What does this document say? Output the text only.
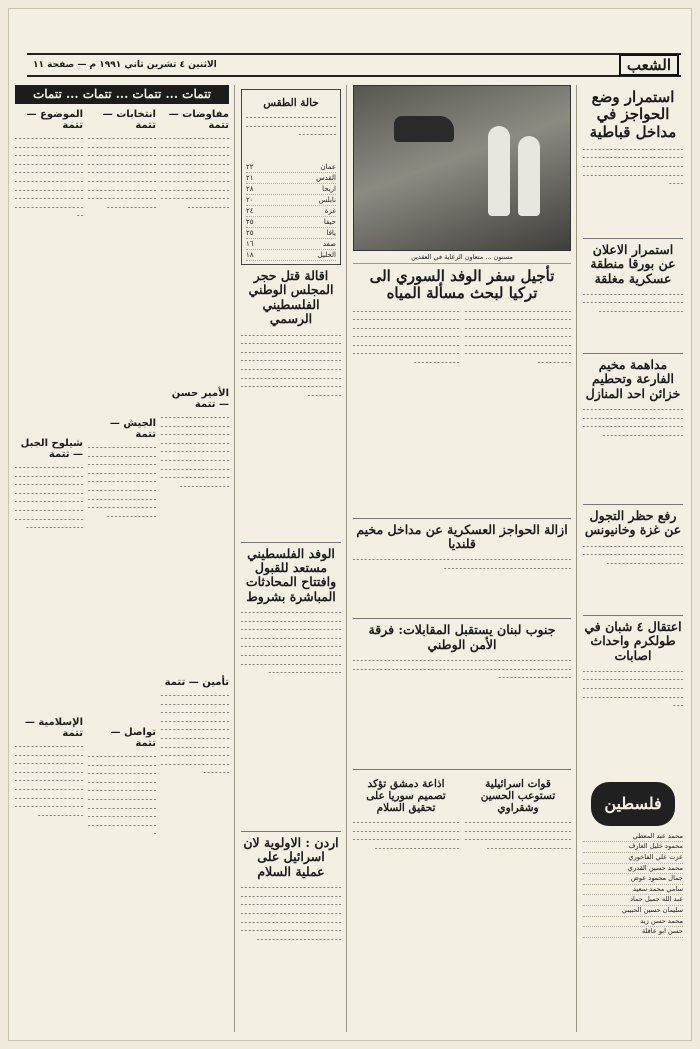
الشعب
الاثنين ٤ تشرين ثاني ١٩٩١ م — صفحة ١١
استمرار وضع الحواجز في مداخل قباطية
ـ ـ ـ ـ ـ ـ ـ ـ ـ ـ ـ ـ ـ ـ ـ ـ ـ ـ ـ ـ ـ ـ ـ ـ ـ ـ ـ ـ ـ ـ ـ ـ ـ ـ ـ ـ ـ ـ ـ ـ ـ ـ ـ ـ ـ ـ ـ ـ ـ ـ ـ ـ ـ ـ ـ ـ ـ ـ ـ ـ ـ ـ ـ ـ ـ ـ ـ ـ ـ ـ ـ ـ ـ ـ ـ ـ ـ ـ ـ ـ ـ ـ ـ ـ ـ ـ ـ ـ ـ ـ ـ ـ ـ ـ ـ ـ ـ ـ ـ ـ ـ ـ ـ ـ ـ ـ ـ ـ
استمرار الاعلان عن بورقا منطقة عسكرية مغلقة
ـ ـ ـ ـ ـ ـ ـ ـ ـ ـ ـ ـ ـ ـ ـ ـ ـ ـ ـ ـ ـ ـ ـ ـ ـ ـ ـ ـ ـ ـ ـ ـ ـ ـ ـ ـ ـ ـ ـ ـ ـ ـ ـ ـ ـ ـ ـ ـ ـ ـ ـ ـ ـ ـ ـ ـ ـ ـ ـ ـ ـ ـ ـ ـ ـ ـ ـ ـ ـ ـ ـ ـ ـ ـ
مداهمة مخيم الفارعة وتحطيم خزائن احد المنازل
ـ ـ ـ ـ ـ ـ ـ ـ ـ ـ ـ ـ ـ ـ ـ ـ ـ ـ ـ ـ ـ ـ ـ ـ ـ ـ ـ ـ ـ ـ ـ ـ ـ ـ ـ ـ ـ ـ ـ ـ ـ ـ ـ ـ ـ ـ ـ ـ ـ ـ ـ ـ ـ ـ ـ ـ ـ ـ ـ ـ ـ ـ ـ ـ ـ ـ ـ ـ ـ ـ ـ ـ ـ ـ ـ ـ ـ ـ ـ ـ ـ ـ ـ ـ ـ ـ ـ ـ ـ ـ ـ ـ ـ ـ ـ ـ ـ ـ ـ
رفع حظر التجول عن غزة وخانيونس
ـ ـ ـ ـ ـ ـ ـ ـ ـ ـ ـ ـ ـ ـ ـ ـ ـ ـ ـ ـ ـ ـ ـ ـ ـ ـ ـ ـ ـ ـ ـ ـ ـ ـ ـ ـ ـ ـ ـ ـ ـ ـ ـ ـ ـ ـ ـ ـ ـ ـ ـ ـ ـ ـ ـ ـ ـ ـ ـ ـ ـ ـ ـ ـ ـ ـ ـ ـ ـ ـ ـ ـ
اعتقال ٤ شبان في طولكرم واحداث اصابات
ـ ـ ـ ـ ـ ـ ـ ـ ـ ـ ـ ـ ـ ـ ـ ـ ـ ـ ـ ـ ـ ـ ـ ـ ـ ـ ـ ـ ـ ـ ـ ـ ـ ـ ـ ـ ـ ـ ـ ـ ـ ـ ـ ـ ـ ـ ـ ـ ـ ـ ـ ـ ـ ـ ـ ـ ـ ـ ـ ـ ـ ـ ـ ـ ـ ـ ـ ـ ـ ـ ـ ـ ـ ـ ـ ـ ـ ـ ـ ـ ـ ـ ـ ـ ـ ـ ـ ـ ـ ـ ـ ـ ـ ـ ـ ـ ـ ـ ـ ـ ـ ـ ـ ـ ـ ـ ـ
فلسطين
محمد عبد المعطي
محمود خليل العارف
عزت علي الفاخوري
محمد حسين القدري
جمال محمود عوض
سامي محمد سعيد
عبد الله جميل حماد
سليمان حسين الحبيبي
محمد حسن زيد
حسن ابو عاقلة
مسنون ... متعاون الرعاية في العقدين
تأجيل سفر الوفد السوري الى تركيا لبحث مسألة المياه
ـ ـ ـ ـ ـ ـ ـ ـ ـ ـ ـ ـ ـ ـ ـ ـ ـ ـ ـ ـ ـ ـ ـ ـ ـ ـ ـ ـ ـ ـ ـ ـ ـ ـ ـ ـ ـ ـ ـ ـ ـ ـ ـ ـ ـ ـ ـ ـ ـ ـ ـ ـ ـ ـ ـ ـ ـ ـ ـ ـ ـ ـ ـ ـ ـ ـ ـ ـ ـ ـ ـ ـ ـ ـ ـ ـ ـ ـ ـ ـ ـ ـ ـ ـ ـ ـ ـ ـ ـ ـ ـ ـ ـ ـ ـ ـ ـ ـ ـ ـ ـ ـ ـ ـ ـ ـ ـ ـ ـ ـ ـ ـ ـ ـ ـ ـ ـ ـ ـ ـ ـ ـ ـ ـ ـ ـ ـ ـ ـ ـ ـ ـ ـ ـ ـ ـ ـ ـ ـ ـ ـ ـ ـ ـ ـ ـ ـ ـ ـ ـ ـ ـ ـ ـ ـ ـ ـ ـ ـ ـ ـ ـ ـ ـ ـ ـ ـ ـ ـ ـ ـ
ـ ـ ـ ـ ـ ـ ـ ـ ـ ـ ـ ـ ـ ـ ـ ـ ـ ـ ـ ـ ـ ـ ـ ـ ـ ـ ـ ـ ـ ـ ـ ـ ـ ـ ـ ـ ـ ـ ـ ـ ـ ـ ـ ـ ـ ـ ـ ـ ـ ـ ـ ـ ـ ـ ـ ـ ـ ـ ـ ـ ـ ـ ـ ـ ـ ـ ـ ـ ـ ـ ـ ـ ـ ـ ـ ـ ـ ـ ـ ـ ـ ـ ـ ـ ـ ـ ـ ـ ـ ـ ـ ـ ـ ـ ـ ـ ـ ـ ـ ـ ـ ـ ـ ـ ـ ـ ـ ـ ـ ـ ـ ـ ـ ـ ـ ـ ـ ـ ـ ـ ـ ـ ـ ـ ـ ـ ـ ـ ـ ـ ـ ـ ـ ـ ـ ـ ـ ـ ـ ـ ـ ـ ـ ـ ـ ـ ـ ـ ـ ـ ـ ـ ـ ـ ـ ـ ـ ـ ـ ـ ـ ـ ـ ـ ـ ـ ـ ـ ـ ـ ـ ـ ـ ـ
ازالة الحواجز العسكرية عن مداخل مخيم قلنديا
ـ ـ ـ ـ ـ ـ ـ ـ ـ ـ ـ ـ ـ ـ ـ ـ ـ ـ ـ ـ ـ ـ ـ ـ ـ ـ ـ ـ ـ ـ ـ ـ ـ ـ ـ ـ ـ ـ ـ ـ ـ ـ ـ ـ ـ ـ ـ ـ ـ ـ ـ ـ ـ ـ ـ ـ ـ ـ ـ ـ ـ ـ ـ ـ ـ ـ ـ ـ ـ ـ ـ ـ ـ ـ ـ ـ ـ ـ ـ ـ ـ ـ ـ ـ ـ ـ ـ ـ ـ
جنوب لبنان يستقبل المقابلات: فرقة الأمن الوطني
ـ ـ ـ ـ ـ ـ ـ ـ ـ ـ ـ ـ ـ ـ ـ ـ ـ ـ ـ ـ ـ ـ ـ ـ ـ ـ ـ ـ ـ ـ ـ ـ ـ ـ ـ ـ ـ ـ ـ ـ ـ ـ ـ ـ ـ ـ ـ ـ ـ ـ ـ ـ ـ ـ ـ ـ ـ ـ ـ ـ ـ ـ ـ ـ ـ ـ ـ ـ ـ ـ ـ ـ ـ ـ ـ ـ ـ ـ ـ ـ ـ ـ ـ ـ ـ ـ ـ ـ ـ ـ ـ ـ ـ ـ ـ ـ ـ ـ ـ ـ ـ ـ ـ ـ ـ ـ ـ ـ ـ ـ ـ ـ ـ ـ ـ ـ ـ ـ ـ ـ ـ ـ ـ ـ ـ ـ ـ ـ ـ ـ ـ
قوات اسرائيلية تستوعب الحسين وشقراوي
ـ ـ ـ ـ ـ ـ ـ ـ ـ ـ ـ ـ ـ ـ ـ ـ ـ ـ ـ ـ ـ ـ ـ ـ ـ ـ ـ ـ ـ ـ ـ ـ ـ ـ ـ ـ ـ ـ ـ ـ ـ ـ ـ ـ ـ ـ ـ ـ ـ ـ ـ ـ ـ ـ ـ ـ ـ ـ ـ ـ ـ ـ ـ ـ ـ ـ ـ ـ ـ ـ ـ ـ ـ ـ ـ ـ ـ ـ ـ ـ ـ ـ ـ ـ ـ ـ ـ ـ ـ ـ ـ ـ ـ ـ ـ ـ ـ ـ ـ ـ ـ ـ ـ
اذاعة دمشق تؤكد تصميم سوريا على تحقيق السلام
ـ ـ ـ ـ ـ ـ ـ ـ ـ ـ ـ ـ ـ ـ ـ ـ ـ ـ ـ ـ ـ ـ ـ ـ ـ ـ ـ ـ ـ ـ ـ ـ ـ ـ ـ ـ ـ ـ ـ ـ ـ ـ ـ ـ ـ ـ ـ ـ ـ ـ ـ ـ ـ ـ ـ ـ ـ ـ ـ ـ ـ ـ ـ ـ ـ ـ ـ ـ ـ ـ ـ ـ ـ ـ ـ ـ ـ ـ ـ ـ ـ ـ ـ ـ ـ ـ ـ ـ ـ ـ ـ ـ ـ ـ ـ ـ ـ ـ ـ ـ ـ ـ ـ
حالة الطقس
ـ ـ ـ ـ ـ ـ ـ ـ ـ ـ ـ ـ ـ ـ ـ ـ ـ ـ ـ ـ ـ ـ ـ ـ ـ ـ ـ ـ ـ ـ ـ ـ ـ ـ ـ ـ ـ ـ ـ ـ ـ ـ ـ ـ ـ ـ ـ ـ ـ ـ ـ ـ ـ ـ ـ ـ
عمان
٢٢
القدس
٢١
اريحا
٢٨
نابلس
٢٠
غزة
٢٤
حيفا
٢٥
يافا
٢٥
صفد
١٦
الخليل
١٨
اقالة قتل حجر المجلس الوطني الفلسطيني الرسمي
ـ ـ ـ ـ ـ ـ ـ ـ ـ ـ ـ ـ ـ ـ ـ ـ ـ ـ ـ ـ ـ ـ ـ ـ ـ ـ ـ ـ ـ ـ ـ ـ ـ ـ ـ ـ ـ ـ ـ ـ ـ ـ ـ ـ ـ ـ ـ ـ ـ ـ ـ ـ ـ ـ ـ ـ ـ ـ ـ ـ ـ ـ ـ ـ ـ ـ ـ ـ ـ ـ ـ ـ ـ ـ ـ ـ ـ ـ ـ ـ ـ ـ ـ ـ ـ ـ ـ ـ ـ ـ ـ ـ ـ ـ ـ ـ ـ ـ ـ ـ ـ ـ ـ ـ ـ ـ ـ ـ ـ ـ ـ ـ ـ ـ ـ ـ ـ ـ ـ ـ ـ ـ ـ ـ ـ ـ ـ ـ ـ ـ ـ ـ ـ ـ ـ ـ ـ ـ ـ ـ ـ ـ ـ ـ ـ ـ ـ ـ ـ ـ ـ ـ ـ ـ ـ ـ ـ ـ ـ ـ ـ ـ ـ ـ ـ ـ ـ ـ ـ ـ ـ ـ ـ ـ ـ ـ ـ ـ ـ ـ ـ ـ ـ ـ ـ ـ ـ ـ ـ ـ ـ
الوفد الفلسطيني مستعد للقبول وافتتاح المحادثات المباشرة بشروط
ـ ـ ـ ـ ـ ـ ـ ـ ـ ـ ـ ـ ـ ـ ـ ـ ـ ـ ـ ـ ـ ـ ـ ـ ـ ـ ـ ـ ـ ـ ـ ـ ـ ـ ـ ـ ـ ـ ـ ـ ـ ـ ـ ـ ـ ـ ـ ـ ـ ـ ـ ـ ـ ـ ـ ـ ـ ـ ـ ـ ـ ـ ـ ـ ـ ـ ـ ـ ـ ـ ـ ـ ـ ـ ـ ـ ـ ـ ـ ـ ـ ـ ـ ـ ـ ـ ـ ـ ـ ـ ـ ـ ـ ـ ـ ـ ـ ـ ـ ـ ـ ـ ـ ـ ـ ـ ـ ـ ـ ـ ـ ـ ـ ـ ـ ـ ـ ـ ـ ـ ـ ـ ـ ـ ـ ـ ـ ـ ـ ـ ـ ـ ـ ـ ـ ـ ـ ـ ـ ـ ـ ـ ـ ـ ـ ـ ـ ـ ـ ـ ـ ـ ـ ـ ـ ـ ـ ـ ـ ـ ـ ـ ـ ـ ـ ـ ـ ـ ـ ـ ـ ـ ـ ـ ـ ـ ـ ـ ـ ـ ـ ـ ـ ـ ـ ـ ـ ـ ـ ـ ـ ـ ـ ـ ـ ـ ـ ـ ـ ـ ـ
اردن : الاولوية لان اسرائيل على عملية السلام
ـ ـ ـ ـ ـ ـ ـ ـ ـ ـ ـ ـ ـ ـ ـ ـ ـ ـ ـ ـ ـ ـ ـ ـ ـ ـ ـ ـ ـ ـ ـ ـ ـ ـ ـ ـ ـ ـ ـ ـ ـ ـ ـ ـ ـ ـ ـ ـ ـ ـ ـ ـ ـ ـ ـ ـ ـ ـ ـ ـ ـ ـ ـ ـ ـ ـ ـ ـ ـ ـ ـ ـ ـ ـ ـ ـ ـ ـ ـ ـ ـ ـ ـ ـ ـ ـ ـ ـ ـ ـ ـ ـ ـ ـ ـ ـ ـ ـ ـ ـ ـ ـ ـ ـ ـ ـ ـ ـ ـ ـ ـ ـ ـ ـ ـ ـ ـ ـ ـ ـ ـ ـ ـ ـ ـ ـ ـ ـ ـ ـ ـ ـ ـ ـ ـ ـ ـ ـ ـ ـ ـ ـ ـ ـ ـ ـ ـ ـ ـ ـ ـ ـ ـ ـ ـ ـ ـ ـ ـ ـ ـ ـ ـ ـ ـ ـ ـ ـ ـ ـ ـ ـ ـ ـ ـ ـ ـ ـ
تتمات ... تتمات ... تتمات ... تتمات
مفاوضات — تتمة
ـ ـ ـ ـ ـ ـ ـ ـ ـ ـ ـ ـ ـ ـ ـ ـ ـ ـ ـ ـ ـ ـ ـ ـ ـ ـ ـ ـ ـ ـ ـ ـ ـ ـ ـ ـ ـ ـ ـ ـ ـ ـ ـ ـ ـ ـ ـ ـ ـ ـ ـ ـ ـ ـ ـ ـ ـ ـ ـ ـ ـ ـ ـ ـ ـ ـ ـ ـ ـ ـ ـ ـ ـ ـ ـ ـ ـ ـ ـ ـ ـ ـ ـ ـ ـ ـ ـ ـ ـ ـ ـ ـ ـ ـ ـ ـ ـ ـ ـ ـ ـ ـ ـ ـ ـ ـ ـ ـ ـ ـ ـ ـ ـ ـ ـ ـ ـ ـ ـ ـ ـ ـ ـ ـ ـ ـ ـ ـ ـ ـ ـ ـ ـ ـ ـ ـ ـ ـ ـ ـ ـ ـ ـ ـ ـ ـ ـ
الأمير حسن — تتمة
ـ ـ ـ ـ ـ ـ ـ ـ ـ ـ ـ ـ ـ ـ ـ ـ ـ ـ ـ ـ ـ ـ ـ ـ ـ ـ ـ ـ ـ ـ ـ ـ ـ ـ ـ ـ ـ ـ ـ ـ ـ ـ ـ ـ ـ ـ ـ ـ ـ ـ ـ ـ ـ ـ ـ ـ ـ ـ ـ ـ ـ ـ ـ ـ ـ ـ ـ ـ ـ ـ ـ ـ ـ ـ ـ ـ ـ ـ ـ ـ ـ ـ ـ ـ ـ ـ ـ ـ ـ ـ ـ ـ ـ ـ ـ ـ ـ ـ ـ ـ ـ ـ ـ ـ ـ ـ ـ ـ ـ ـ ـ ـ ـ ـ ـ ـ ـ ـ ـ ـ ـ ـ ـ ـ ـ ـ ـ ـ ـ ـ ـ ـ ـ ـ ـ ـ ـ ـ ـ ـ ـ ـ ـ ـ ـ ـ ـ ـ ـ
تأمين — تتمة
ـ ـ ـ ـ ـ ـ ـ ـ ـ ـ ـ ـ ـ ـ ـ ـ ـ ـ ـ ـ ـ ـ ـ ـ ـ ـ ـ ـ ـ ـ ـ ـ ـ ـ ـ ـ ـ ـ ـ ـ ـ ـ ـ ـ ـ ـ ـ ـ ـ ـ ـ ـ ـ ـ ـ ـ ـ ـ ـ ـ ـ ـ ـ ـ ـ ـ ـ ـ ـ ـ ـ ـ ـ ـ ـ ـ ـ ـ ـ ـ ـ ـ ـ ـ ـ ـ ـ ـ ـ ـ ـ ـ ـ ـ ـ ـ ـ ـ ـ ـ ـ ـ ـ ـ ـ ـ ـ ـ ـ ـ ـ ـ ـ ـ ـ ـ ـ ـ ـ ـ ـ ـ ـ ـ ـ ـ ـ ـ ـ ـ ـ ـ ـ ـ ـ ـ ـ ـ ـ ـ ـ ـ ـ ـ ـ ـ ـ ـ ـ ـ ـ ـ ـ ـ ـ ـ ـ ـ ـ ـ
انتخابات — تتمة
ـ ـ ـ ـ ـ ـ ـ ـ ـ ـ ـ ـ ـ ـ ـ ـ ـ ـ ـ ـ ـ ـ ـ ـ ـ ـ ـ ـ ـ ـ ـ ـ ـ ـ ـ ـ ـ ـ ـ ـ ـ ـ ـ ـ ـ ـ ـ ـ ـ ـ ـ ـ ـ ـ ـ ـ ـ ـ ـ ـ ـ ـ ـ ـ ـ ـ ـ ـ ـ ـ ـ ـ ـ ـ ـ ـ ـ ـ ـ ـ ـ ـ ـ ـ ـ ـ ـ ـ ـ ـ ـ ـ ـ ـ ـ ـ ـ ـ ـ ـ ـ ـ ـ ـ ـ ـ ـ ـ ـ ـ ـ ـ ـ ـ ـ ـ ـ ـ ـ ـ ـ ـ ـ ـ ـ ـ ـ ـ ـ ـ ـ ـ ـ ـ ـ ـ ـ ـ ـ ـ ـ ـ ـ ـ ـ ـ ـ ـ ـ
الجيش — تتمة
ـ ـ ـ ـ ـ ـ ـ ـ ـ ـ ـ ـ ـ ـ ـ ـ ـ ـ ـ ـ ـ ـ ـ ـ ـ ـ ـ ـ ـ ـ ـ ـ ـ ـ ـ ـ ـ ـ ـ ـ ـ ـ ـ ـ ـ ـ ـ ـ ـ ـ ـ ـ ـ ـ ـ ـ ـ ـ ـ ـ ـ ـ ـ ـ ـ ـ ـ ـ ـ ـ ـ ـ ـ ـ ـ ـ ـ ـ ـ ـ ـ ـ ـ ـ ـ ـ ـ ـ ـ ـ ـ ـ ـ ـ ـ ـ ـ ـ ـ ـ ـ ـ ـ ـ ـ ـ ـ ـ ـ ـ ـ ـ ـ ـ ـ ـ ـ ـ ـ ـ ـ ـ ـ ـ ـ ـ ـ ـ ـ ـ ـ ـ ـ ـ ـ ـ ـ ـ ـ ـ ـ ـ ـ ـ ـ ـ ـ ـ ـ
تواصل — تتمة
ـ ـ ـ ـ ـ ـ ـ ـ ـ ـ ـ ـ ـ ـ ـ ـ ـ ـ ـ ـ ـ ـ ـ ـ ـ ـ ـ ـ ـ ـ ـ ـ ـ ـ ـ ـ ـ ـ ـ ـ ـ ـ ـ ـ ـ ـ ـ ـ ـ ـ ـ ـ ـ ـ ـ ـ ـ ـ ـ ـ ـ ـ ـ ـ ـ ـ ـ ـ ـ ـ ـ ـ ـ ـ ـ ـ ـ ـ ـ ـ ـ ـ ـ ـ ـ ـ ـ ـ ـ ـ ـ ـ ـ ـ ـ ـ ـ ـ ـ ـ ـ ـ ـ ـ ـ ـ ـ ـ ـ ـ ـ ـ ـ ـ ـ ـ ـ ـ ـ ـ ـ ـ ـ ـ ـ ـ ـ ـ ـ ـ ـ ـ ـ ـ ـ ـ ـ ـ ـ ـ ـ ـ ـ ـ ـ ـ ـ ـ ـ ـ ـ ـ ـ ـ
الموضوع — تتمة
ـ ـ ـ ـ ـ ـ ـ ـ ـ ـ ـ ـ ـ ـ ـ ـ ـ ـ ـ ـ ـ ـ ـ ـ ـ ـ ـ ـ ـ ـ ـ ـ ـ ـ ـ ـ ـ ـ ـ ـ ـ ـ ـ ـ ـ ـ ـ ـ ـ ـ ـ ـ ـ ـ ـ ـ ـ ـ ـ ـ ـ ـ ـ ـ ـ ـ ـ ـ ـ ـ ـ ـ ـ ـ ـ ـ ـ ـ ـ ـ ـ ـ ـ ـ ـ ـ ـ ـ ـ ـ ـ ـ ـ ـ ـ ـ ـ ـ ـ ـ ـ ـ ـ ـ ـ ـ ـ ـ ـ ـ ـ ـ ـ ـ ـ ـ ـ ـ ـ ـ ـ ـ ـ ـ ـ ـ ـ ـ ـ ـ ـ ـ ـ ـ ـ ـ ـ ـ ـ ـ ـ ـ ـ ـ ـ ـ ـ ـ ـ ـ ـ ـ ـ ـ ـ
شيلوح الجبل — تتمة
ـ ـ ـ ـ ـ ـ ـ ـ ـ ـ ـ ـ ـ ـ ـ ـ ـ ـ ـ ـ ـ ـ ـ ـ ـ ـ ـ ـ ـ ـ ـ ـ ـ ـ ـ ـ ـ ـ ـ ـ ـ ـ ـ ـ ـ ـ ـ ـ ـ ـ ـ ـ ـ ـ ـ ـ ـ ـ ـ ـ ـ ـ ـ ـ ـ ـ ـ ـ ـ ـ ـ ـ ـ ـ ـ ـ ـ ـ ـ ـ ـ ـ ـ ـ ـ ـ ـ ـ ـ ـ ـ ـ ـ ـ ـ ـ ـ ـ ـ ـ ـ ـ ـ ـ ـ ـ ـ ـ ـ ـ ـ ـ ـ ـ ـ ـ ـ ـ ـ ـ ـ ـ ـ ـ ـ ـ ـ ـ ـ ـ ـ ـ ـ ـ
الإسلامية — تتمة
ـ ـ ـ ـ ـ ـ ـ ـ ـ ـ ـ ـ ـ ـ ـ ـ ـ ـ ـ ـ ـ ـ ـ ـ ـ ـ ـ ـ ـ ـ ـ ـ ـ ـ ـ ـ ـ ـ ـ ـ ـ ـ ـ ـ ـ ـ ـ ـ ـ ـ ـ ـ ـ ـ ـ ـ ـ ـ ـ ـ ـ ـ ـ ـ ـ ـ ـ ـ ـ ـ ـ ـ ـ ـ ـ ـ ـ ـ ـ ـ ـ ـ ـ ـ ـ ـ ـ ـ ـ ـ ـ ـ ـ ـ ـ ـ ـ ـ ـ ـ ـ ـ ـ ـ ـ ـ ـ ـ ـ ـ ـ ـ ـ ـ ـ ـ ـ ـ ـ ـ ـ ـ ـ ـ ـ ـ ـ ـ ـ ـ ـ ـ ـ ـ ـ ـ ـ ـ ـ ـ ـ ـ ـ ـ ـ ـ ـ ـ
